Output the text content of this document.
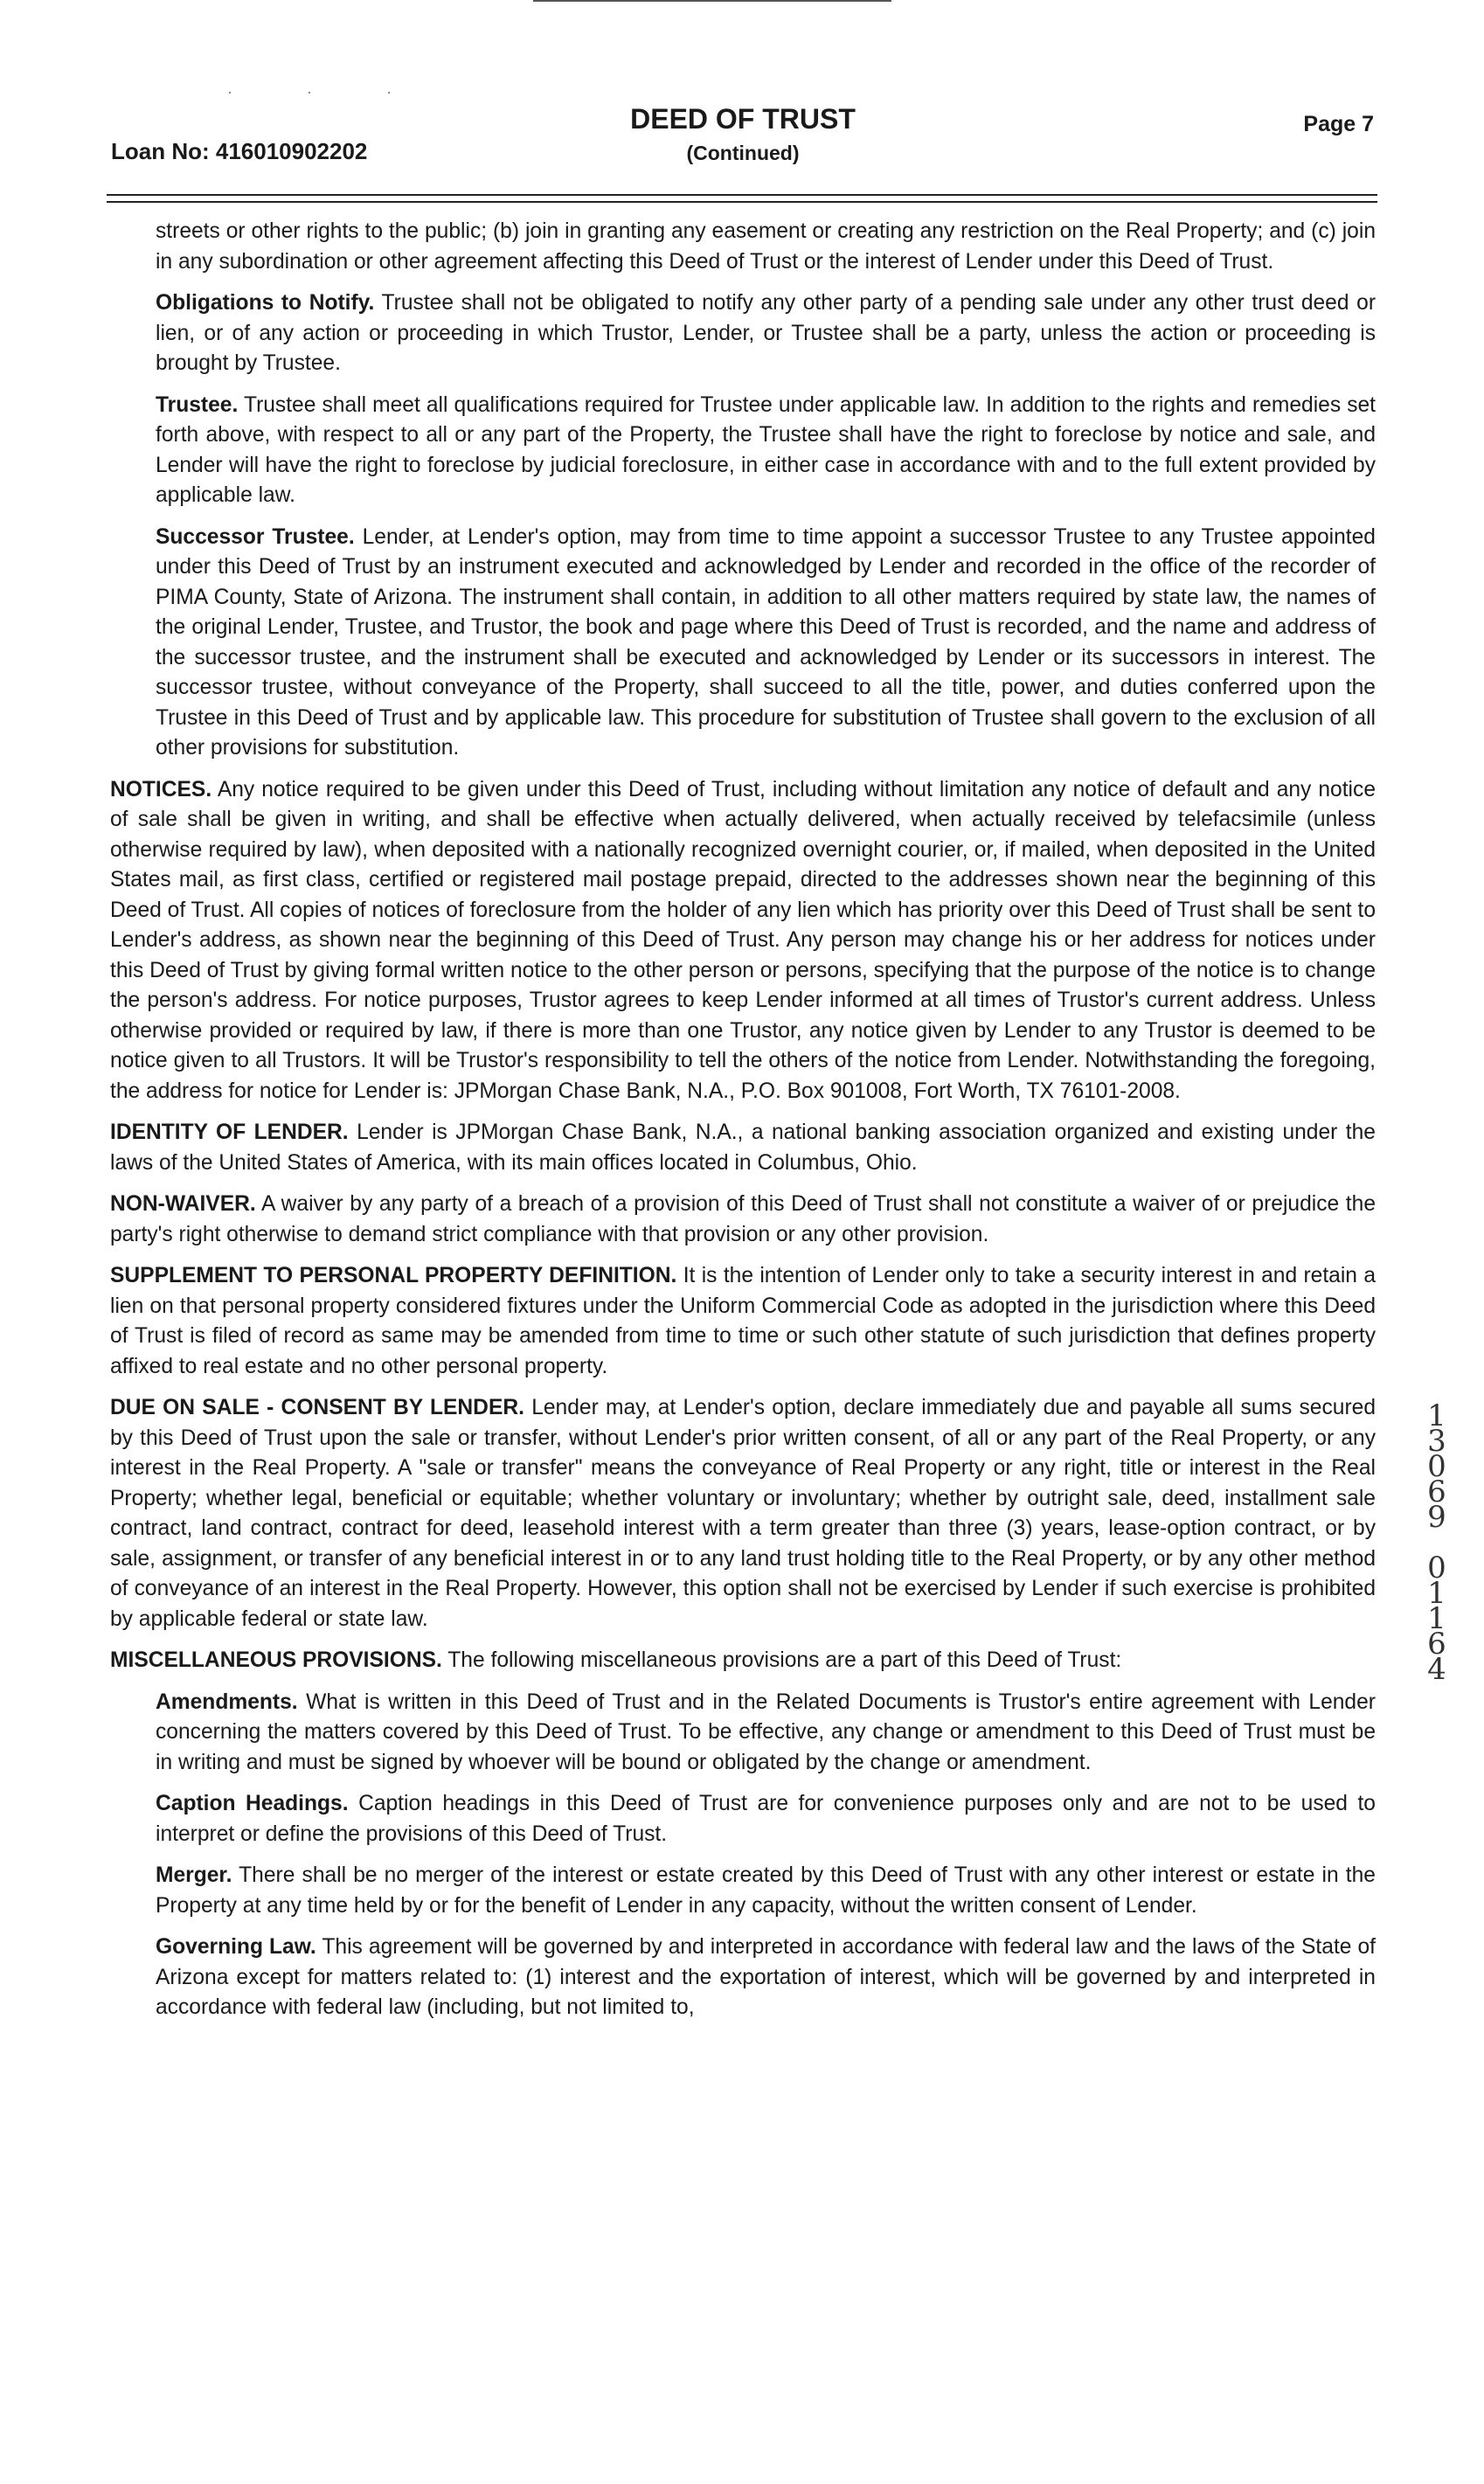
· · ·
Loan No: 416010902202
DEED OF TRUST
(Continued)
Page 7

streets or other rights to the public; (b) join in granting any easement or creating any restriction on the Real Property; and (c) join in any subordination or other agreement affecting this Deed of Trust or the interest of Lender under this Deed of Trust.

Obligations to Notify. Trustee shall not be obligated to notify any other party of a pending sale under any other trust deed or lien, or of any action or proceeding in which Trustor, Lender, or Trustee shall be a party, unless the action or proceeding is brought by Trustee.

Trustee. Trustee shall meet all qualifications required for Trustee under applicable law. In addition to the rights and remedies set forth above, with respect to all or any part of the Property, the Trustee shall have the right to foreclose by notice and sale, and Lender will have the right to foreclose by judicial foreclosure, in either case in accordance with and to the full extent provided by applicable law.

Successor Trustee. Lender, at Lender's option, may from time to time appoint a successor Trustee to any Trustee appointed under this Deed of Trust by an instrument executed and acknowledged by Lender and recorded in the office of the recorder of PIMA County, State of Arizona. The instrument shall contain, in addition to all other matters required by state law, the names of the original Lender, Trustee, and Trustor, the book and page where this Deed of Trust is recorded, and the name and address of the successor trustee, and the instrument shall be executed and acknowledged by Lender or its successors in interest. The successor trustee, without conveyance of the Property, shall succeed to all the title, power, and duties conferred upon the Trustee in this Deed of Trust and by applicable law. This procedure for substitution of Trustee shall govern to the exclusion of all other provisions for substitution.

NOTICES. Any notice required to be given under this Deed of Trust, including without limitation any notice of default and any notice of sale shall be given in writing, and shall be effective when actually delivered, when actually received by telefacsimile (unless otherwise required by law), when deposited with a nationally recognized overnight courier, or, if mailed, when deposited in the United States mail, as first class, certified or registered mail postage prepaid, directed to the addresses shown near the beginning of this Deed of Trust. All copies of notices of foreclosure from the holder of any lien which has priority over this Deed of Trust shall be sent to Lender's address, as shown near the beginning of this Deed of Trust. Any person may change his or her address for notices under this Deed of Trust by giving formal written notice to the other person or persons, specifying that the purpose of the notice is to change the person's address. For notice purposes, Trustor agrees to keep Lender informed at all times of Trustor's current address. Unless otherwise provided or required by law, if there is more than one Trustor, any notice given by Lender to any Trustor is deemed to be notice given to all Trustors. It will be Trustor's responsibility to tell the others of the notice from Lender. Notwithstanding the foregoing, the address for notice for Lender is: JPMorgan Chase Bank, N.A., P.O. Box 901008, Fort Worth, TX 76101-2008.

IDENTITY OF LENDER. Lender is JPMorgan Chase Bank, N.A., a national banking association organized and existing under the laws of the United States of America, with its main offices located in Columbus, Ohio.

NON-WAIVER. A waiver by any party of a breach of a provision of this Deed of Trust shall not constitute a waiver of or prejudice the party's right otherwise to demand strict compliance with that provision or any other provision.

SUPPLEMENT TO PERSONAL PROPERTY DEFINITION. It is the intention of Lender only to take a security interest in and retain a lien on that personal property considered fixtures under the Uniform Commercial Code as adopted in the jurisdiction where this Deed of Trust is filed of record as same may be amended from time to time or such other statute of such jurisdiction that defines property affixed to real estate and no other personal property.

DUE ON SALE - CONSENT BY LENDER. Lender may, at Lender's option, declare immediately due and payable all sums secured by this Deed of Trust upon the sale or transfer, without Lender's prior written consent, of all or any part of the Real Property, or any interest in the Real Property. A "sale or transfer" means the conveyance of Real Property or any right, title or interest in the Real Property; whether legal, beneficial or equitable; whether voluntary or involuntary; whether by outright sale, deed, installment sale contract, land contract, contract for deed, leasehold interest with a term greater than three (3) years, lease-option contract, or by sale, assignment, or transfer of any beneficial interest in or to any land trust holding title to the Real Property, or by any other method of conveyance of an interest in the Real Property. However, this option shall not be exercised by Lender if such exercise is prohibited by applicable federal or state law.

MISCELLANEOUS PROVISIONS. The following miscellaneous provisions are a part of this Deed of Trust:

Amendments. What is written in this Deed of Trust and in the Related Documents is Trustor's entire agreement with Lender concerning the matters covered by this Deed of Trust. To be effective, any change or amendment to this Deed of Trust must be in writing and must be signed by whoever will be bound or obligated by the change or amendment.

Caption Headings. Caption headings in this Deed of Trust are for convenience purposes only and are not to be used to interpret or define the provisions of this Deed of Trust.

Merger. There shall be no merger of the interest or estate created by this Deed of Trust with any other interest or estate in the Property at any time held by or for the benefit of Lender in any capacity, without the written consent of Lender.

Governing Law. This agreement will be governed by and interpreted in accordance with federal law and the laws of the State of Arizona except for matters related to: (1) interest and the exportation of interest, which will be governed by and interpreted in accordance with federal law (including, but not limited to,

1
3
0
6
9

0
1
1
6
4
